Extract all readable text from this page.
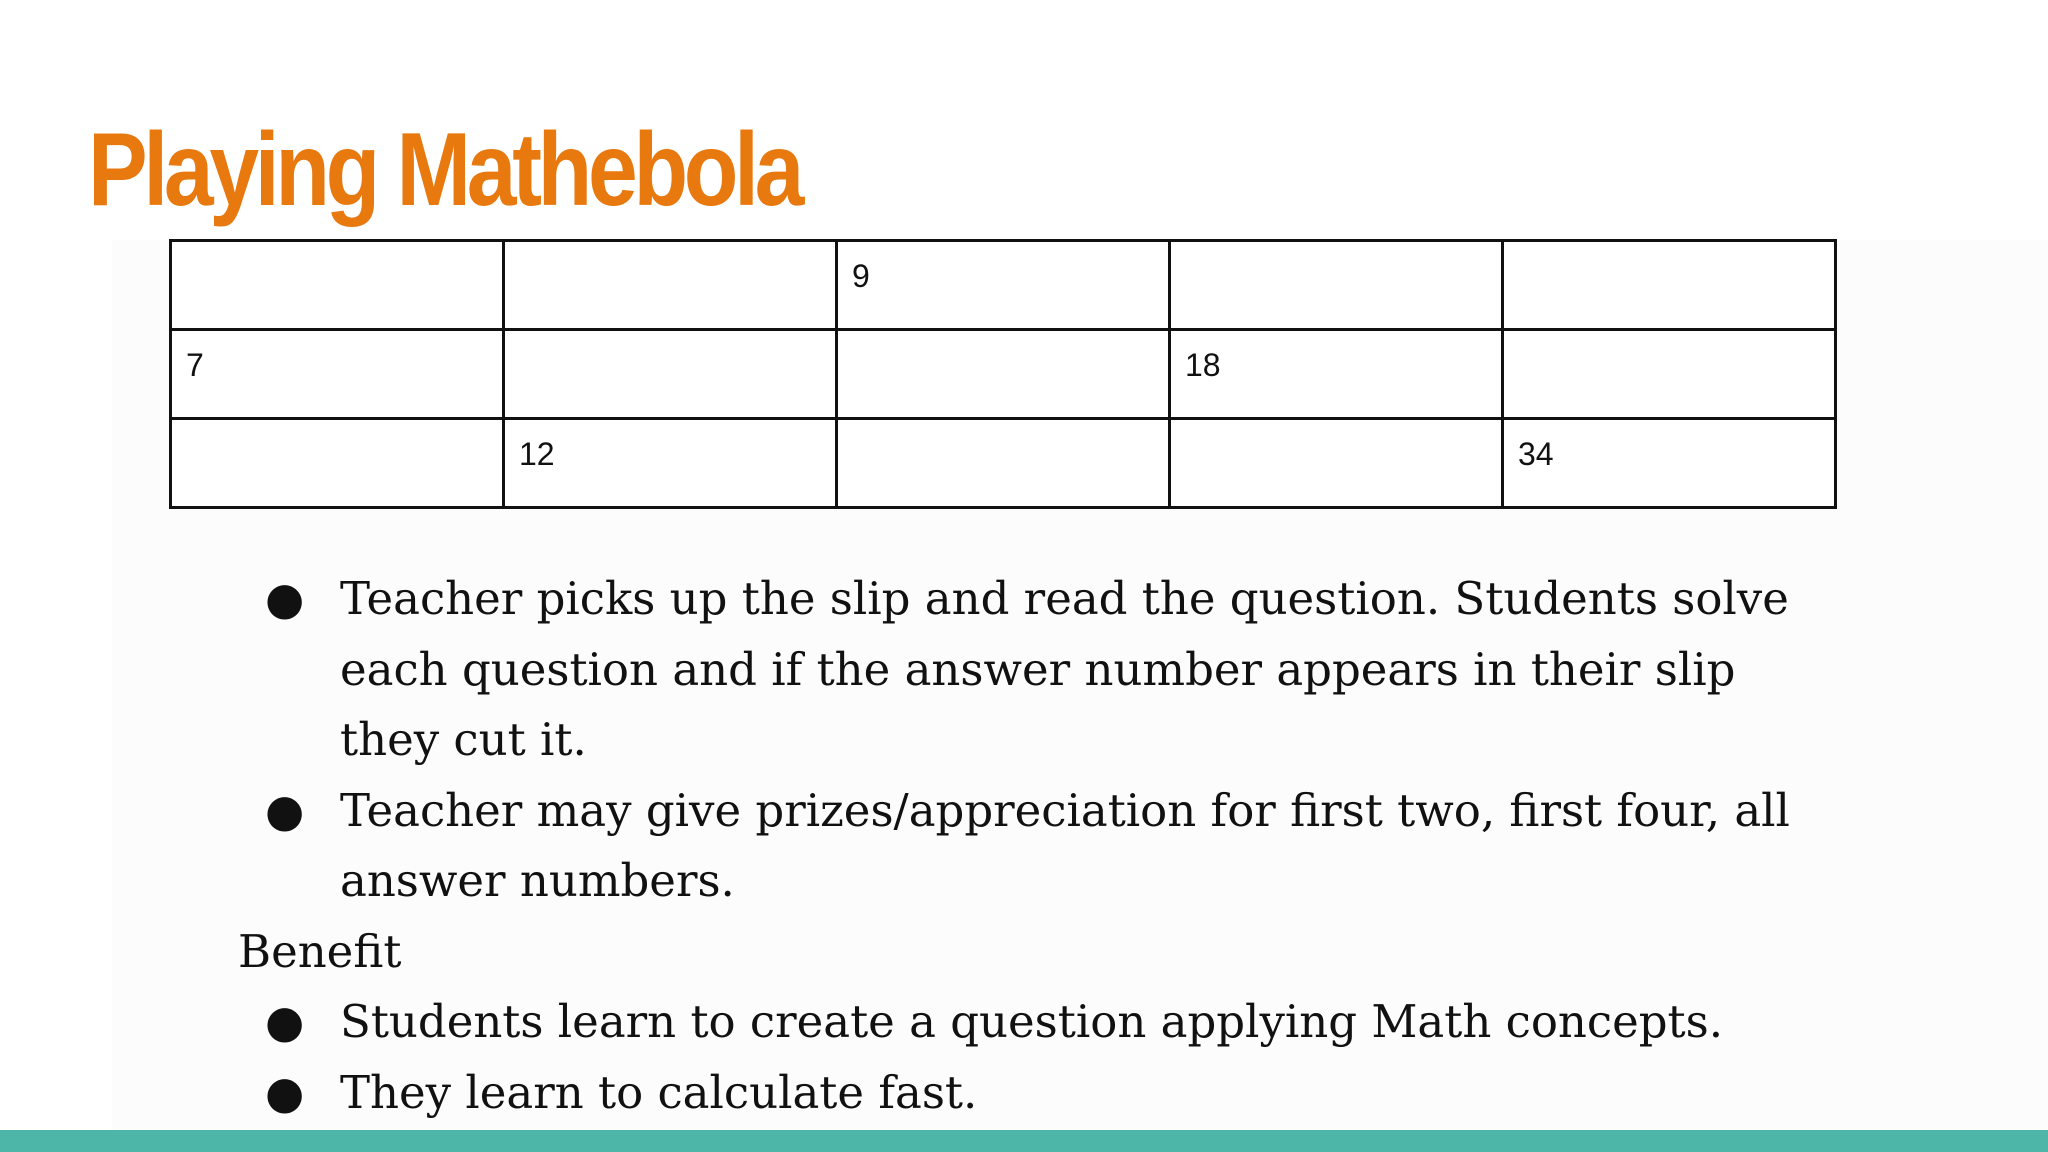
Playing Mathebola
		9		
7			18	
	12			34
● Teacher picks up the slip and read the question. Students solve each question and if the answer number appears in their slip they cut it.
● Teacher may give prizes/appreciation for first two, first four, all answer numbers.

Benefit

● Students learn to create a question applying Math concepts.
● They learn to calculate fast.
